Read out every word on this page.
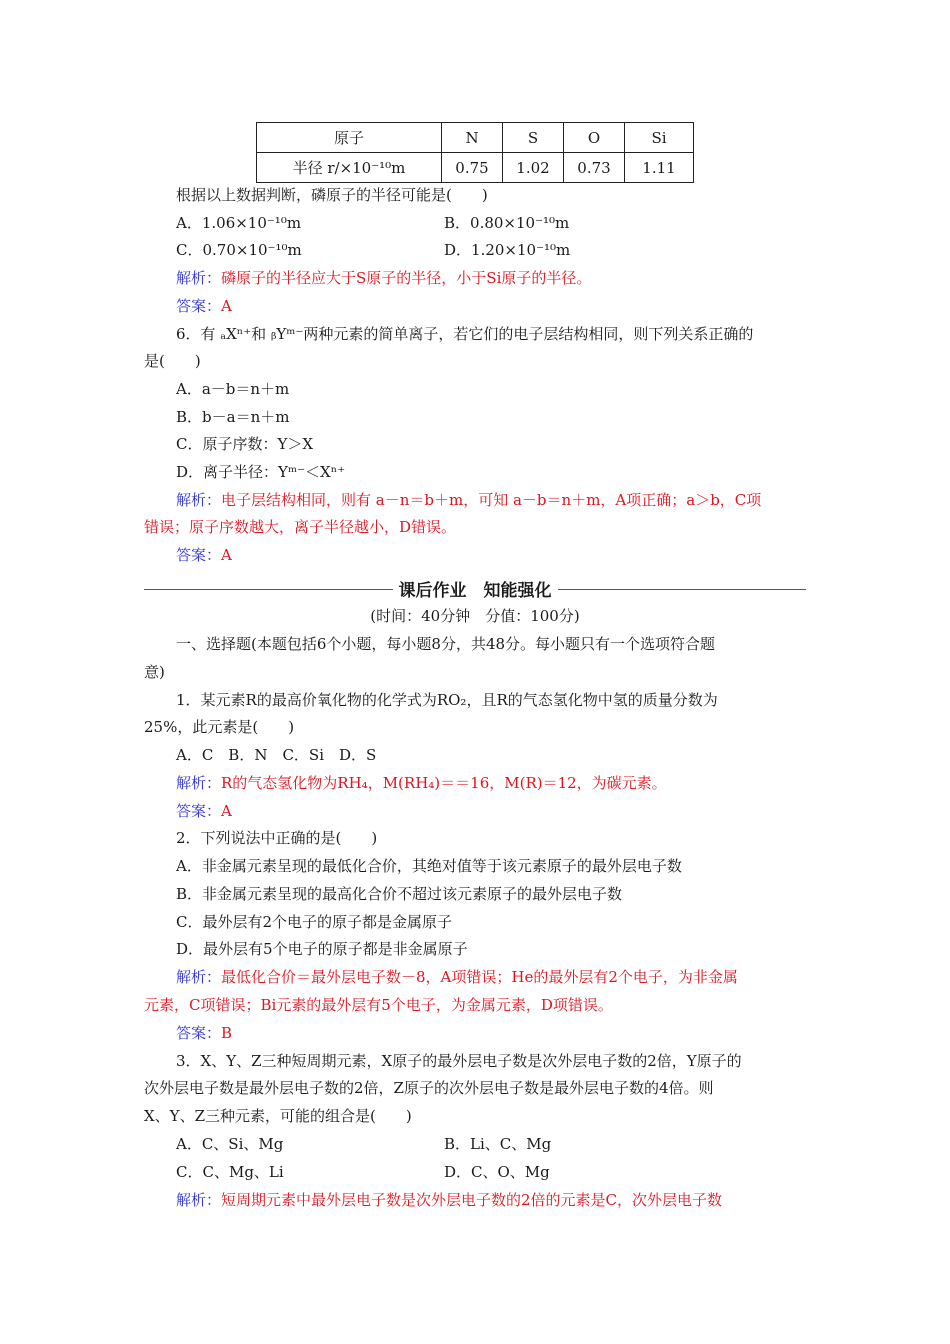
原子	N	S	O	Si
半径 r/×10⁻¹⁰m	0.75	1.02	0.73	1.11
根据以上数据判断，磷原子的半径可能是(　　)
A．1.06×10⁻¹⁰m	B．0.80×10⁻¹⁰m
C．0.70×10⁻¹⁰m	D．1.20×10⁻¹⁰m
解析：磷原子的半径应大于S原子的半径，小于Si原子的半径。
答案：A
6．有 ₐXⁿ⁺和 ᵦYᵐ⁻两种元素的简单离子，若它们的电子层结构相同，则下列关系正确的
是(　　)
A．a－b＝n＋m
B．b－a＝n＋m
C．原子序数：Y＞X
D．离子半径：Yᵐ⁻＜Xⁿ⁺
解析：电子层结构相同，则有 a－n＝b＋m，可知 a－b＝n＋m，A项正确；a＞b，C项
错误；原子序数越大，离子半径越小，D错误。
答案：A
课后作业　知能强化
(时间：40分钟　分值：100分)
一、选择题(本题包括6个小题，每小题8分，共48分。每小题只有一个选项符合题
意)
1．某元素R的最高价氧化物的化学式为RO₂，且R的气态氢化物中氢的质量分数为
25%，此元素是(　　)
A．C　B．N　C．Si　D．S
解析：R的气态氢化物为RH₄，M(RH₄)＝＝16，M(R)＝12，为碳元素。
答案：A
2．下列说法中正确的是(　　)
A．非金属元素呈现的最低化合价，其绝对值等于该元素原子的最外层电子数
B．非金属元素呈现的最高化合价不超过该元素原子的最外层电子数
C．最外层有2个电子的原子都是金属原子
D．最外层有5个电子的原子都是非金属原子
解析：最低化合价＝最外层电子数－8，A项错误；He的最外层有2个电子，为非金属
元素，C项错误；Bi元素的最外层有5个电子，为金属元素，D项错误。
答案：B
3．X、Y、Z三种短周期元素，X原子的最外层电子数是次外层电子数的2倍，Y原子的
次外层电子数是最外层电子数的2倍，Z原子的次外层电子数是最外层电子数的4倍。则
X、Y、Z三种元素，可能的组合是(　　)
A．C、Si、Mg	B．Li、C、Mg
C．C、Mg、Li	D．C、O、Mg
解析：短周期元素中最外层电子数是次外层电子数的2倍的元素是C，次外层电子数
